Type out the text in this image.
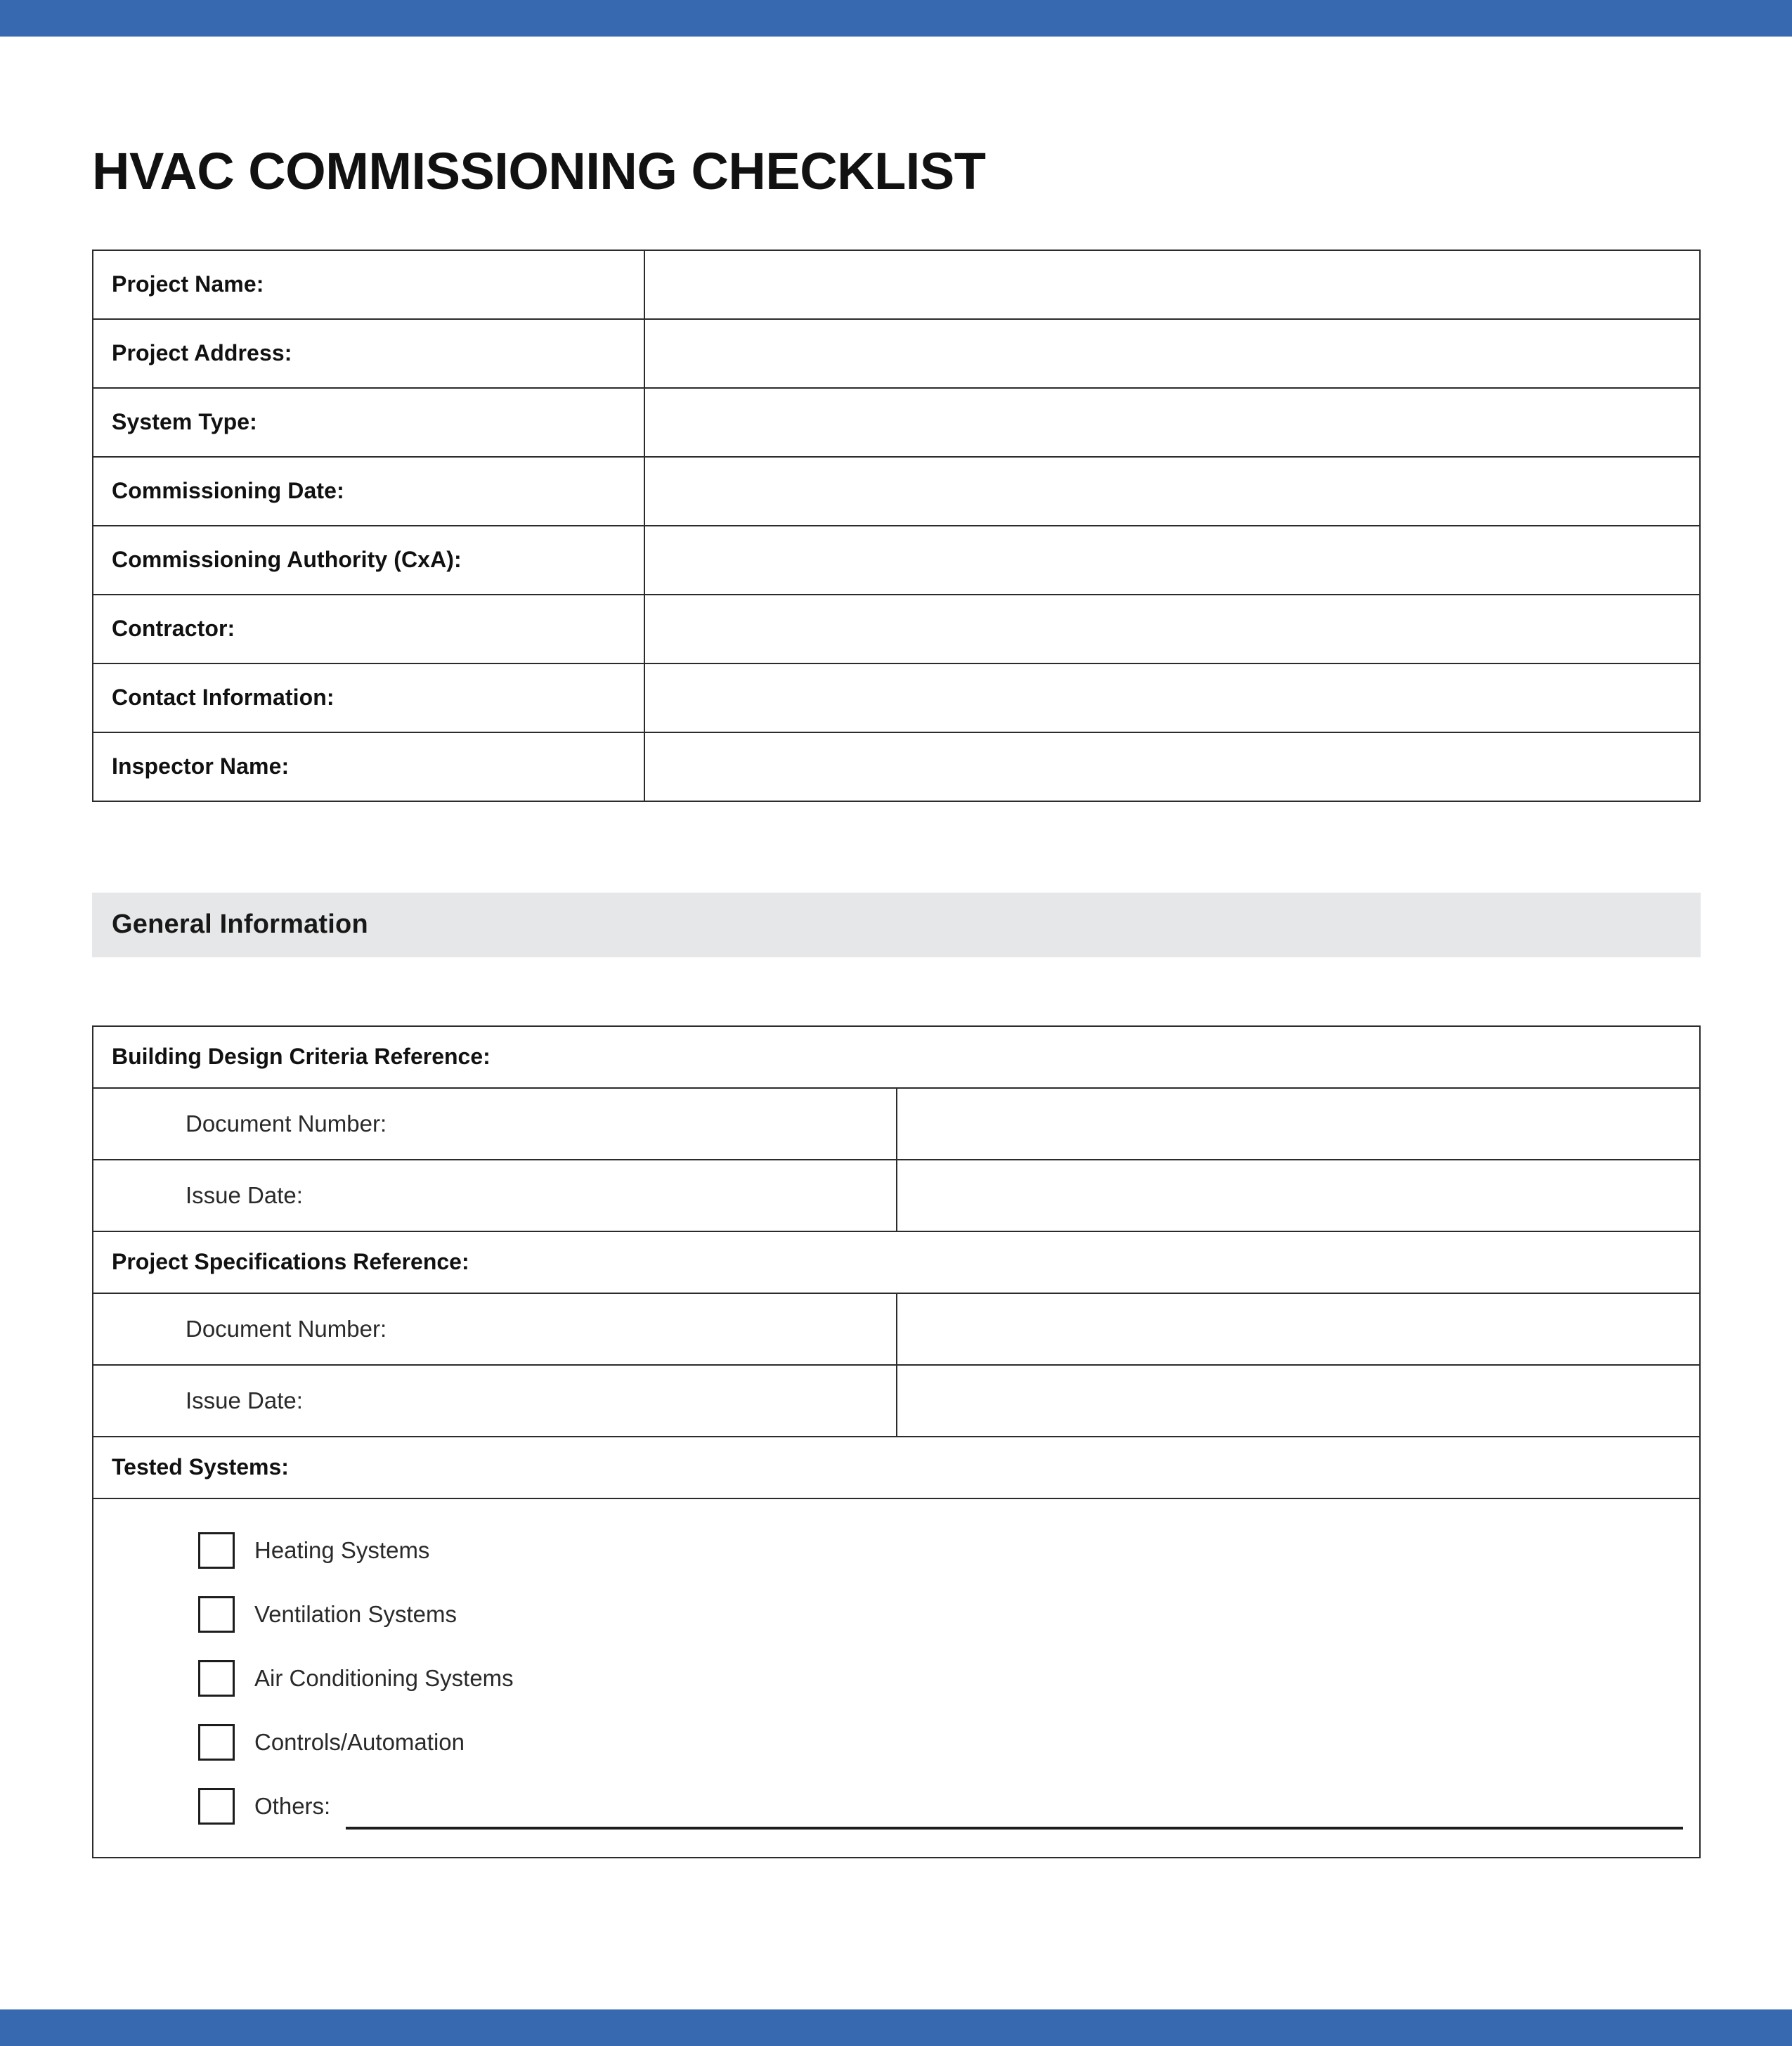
HVAC COMMISSIONING CHECKLIST
Project Name:	
Project Address:	
System Type:	
Commissioning Date:	
Commissioning Authority (CxA):	
Contractor:	
Contact Information:	
Inspector Name:	
General Information
Building Design Criteria Reference:	
Document Number:	
Issue Date:	
Project Specifications Reference:	
Document Number:	
Issue Date:	
Tested Systems:	

Heating Systems
Ventilation Systems
Air Conditioning Systems
Controls/Automation
Others:
